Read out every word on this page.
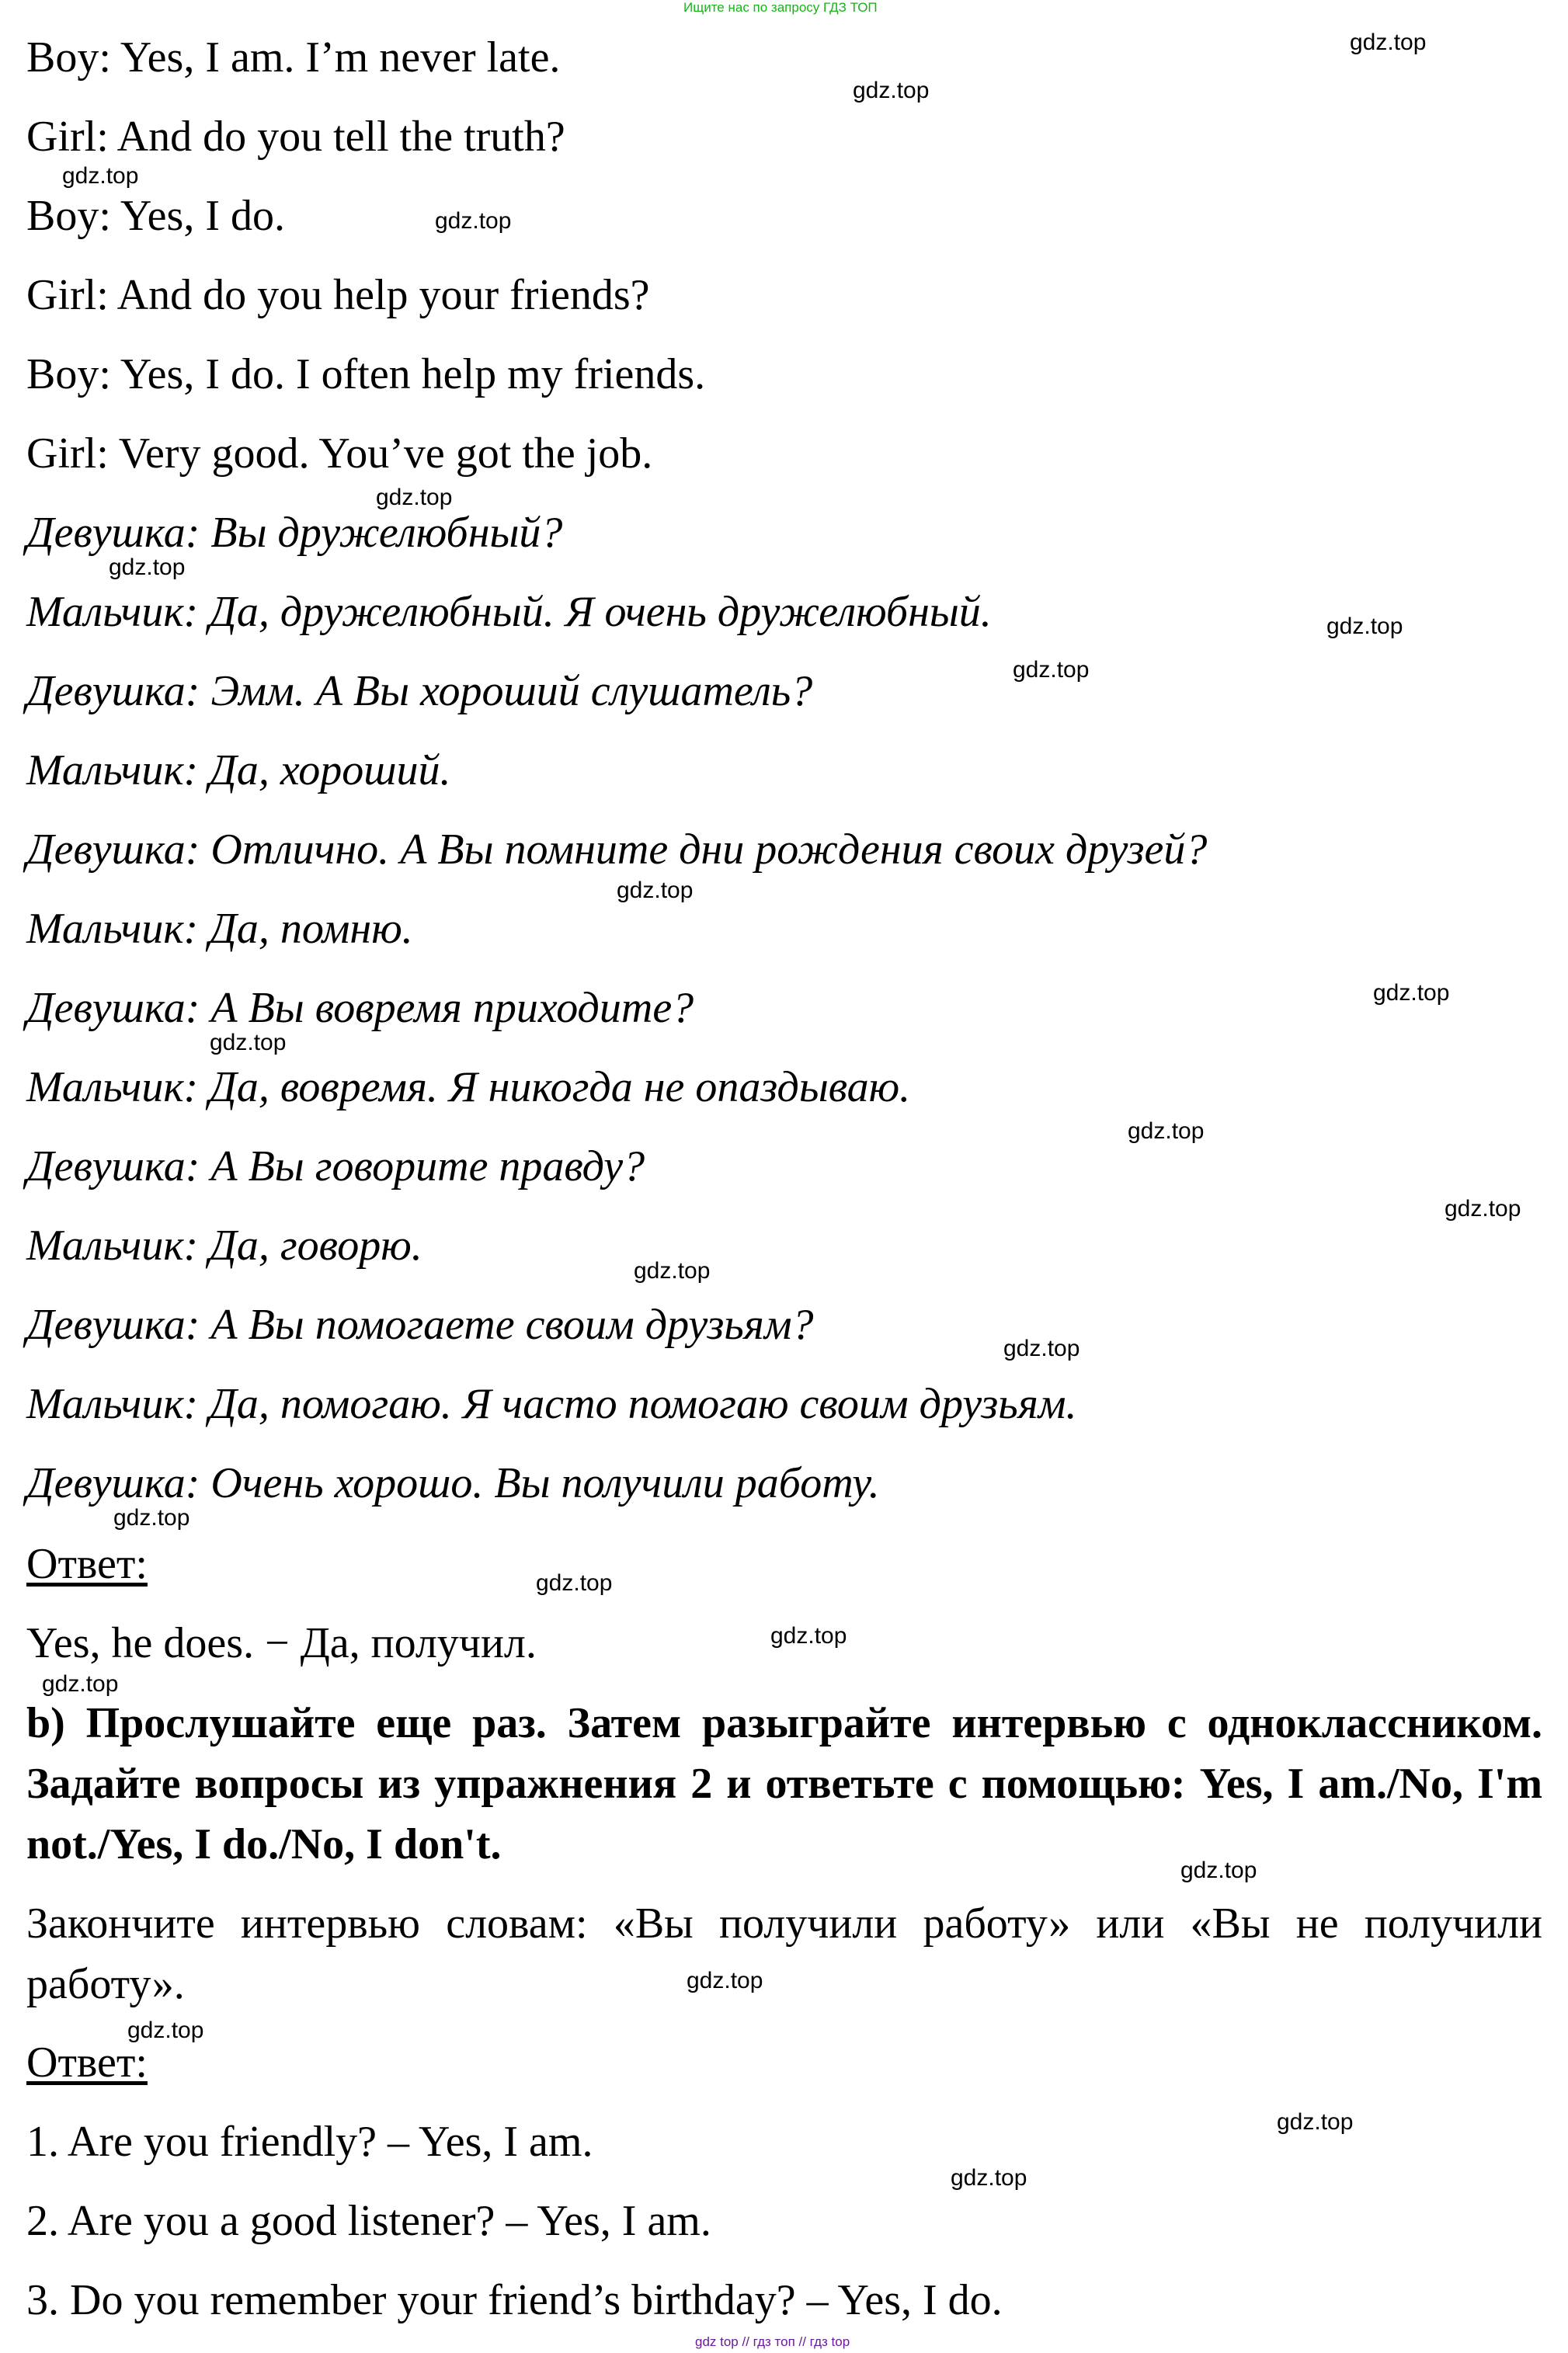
Ищите нас по запросу ГДЗ ТОП
Boy: Yes, I am. I’m never late.
Girl: And do you tell the truth?
Boy: Yes, I do.
Girl: And do you help your friends?
Boy: Yes, I do. I often help my friends.
Girl: Very good. You’ve got the job.
Девушка: Вы дружелюбный?
Мальчик: Да, дружелюбный. Я очень дружелюбный.
Девушка: Эмм. А Вы хороший слушатель?
Мальчик: Да, хороший.
Девушка: Отлично. А Вы помните дни рождения своих друзей?
Мальчик: Да, помню.
Девушка: А Вы вовремя приходите?
Мальчик: Да, вовремя. Я никогда не опаздываю.
Девушка: А Вы говорите правду?
Мальчик: Да, говорю.
Девушка: А Вы помогаете своим друзьям?
Мальчик: Да, помогаю. Я часто помогаю своим друзьям.
Девушка: Очень хорошо. Вы получили работу.
Ответ:
Yes, he does. − Да, получил.
b) Прослушайте еще раз. Затем разыграйте интервью с одноклассником. Задайте вопросы из упражнения 2 и ответьте с помощью: Yes, I am./No, I'm not./Yes, I do./No, I don't.
Закончите интервью словам: «Вы получили работу» или «Вы не получили работу».
Ответ:
1. Are you friendly? – Yes, I am.
2. Are you a good listener? – Yes, I am.
3. Do you remember your friend’s birthday? – Yes, I do.
gdz.top
gdz.top
gdz.top
gdz.top
gdz.top
gdz.top
gdz.top
gdz.top
gdz.top
gdz.top
gdz.top
gdz.top
gdz.top
gdz.top
gdz.top
gdz.top
gdz.top
gdz.top
gdz.top
gdz.top
gdz.top
gdz.top
gdz.top
gdz.top
gdz top // гдз топ // гдз top
